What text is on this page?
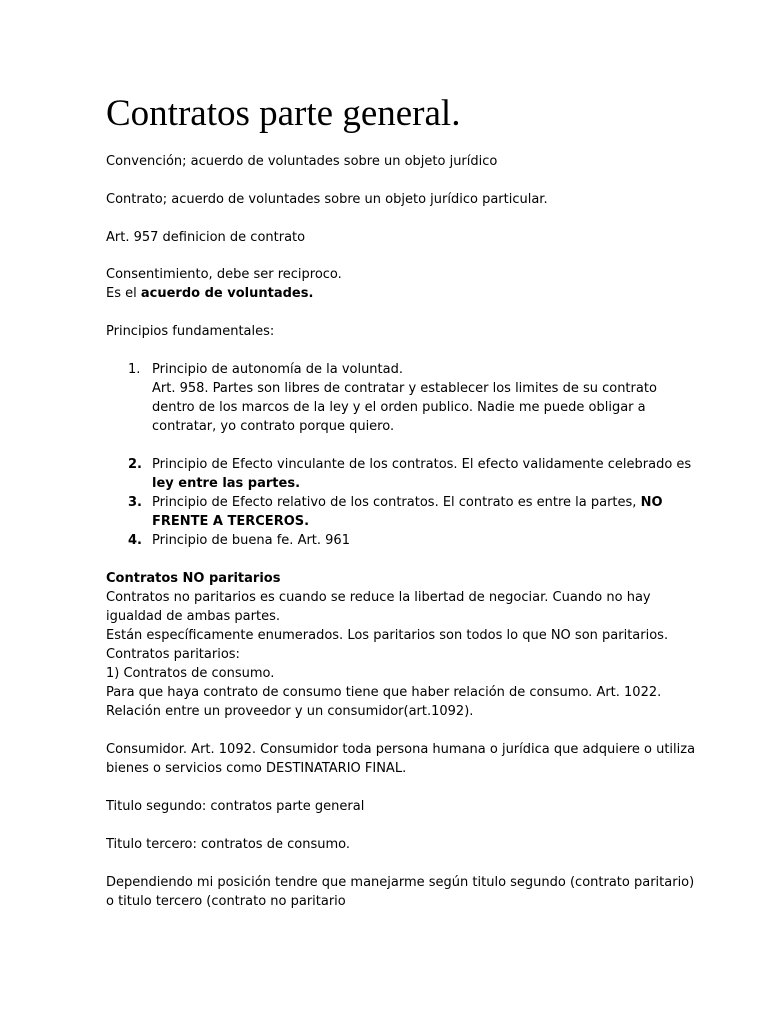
Contratos parte general.

Convención; acuerdo de voluntades sobre un objeto jurídico

Contrato; acuerdo de voluntades sobre un objeto jurídico particular.

Art. 957 definicion de contrato

Consentimiento, debe ser reciproco.

Es el acuerdo de voluntades.

Principios fundamentales:

1. Principio de autonomía de la voluntad.
Art. 958. Partes son libres de contratar y establecer los limites de su contrato
dentro de los marcos de la ley y el orden publico. Nadie me puede obligar a
contratar, yo contrato porque quiero.
2. Principio de Efecto vinculante de los contratos. El efecto validamente celebrado es
ley entre las partes.
3. Principio de Efecto relativo de los contratos. El contrato es entre la partes, NO
FRENTE A TERCEROS.
4. Principio de buena fe. Art. 961

Contratos NO paritarios

Contratos no paritarios es cuando se reduce la libertad de negociar. Cuando no hay

igualdad de ambas partes.

Están específicamente enumerados. Los paritarios son todos lo que NO son paritarios.

Contratos paritarios:

1) Contratos de consumo.

Para que haya contrato de consumo tiene que haber relación de consumo. Art. 1022.

Relación entre un proveedor y un consumidor(art.1092).

Consumidor. Art. 1092. Consumidor toda persona humana o jurídica que adquiere o utiliza

bienes o servicios como DESTINATARIO FINAL.

Titulo segundo: contratos parte general

Titulo tercero: contratos de consumo.

Dependiendo mi posición tendre que manejarme según titulo segundo (contrato paritario)

o titulo tercero (contrato no paritario
